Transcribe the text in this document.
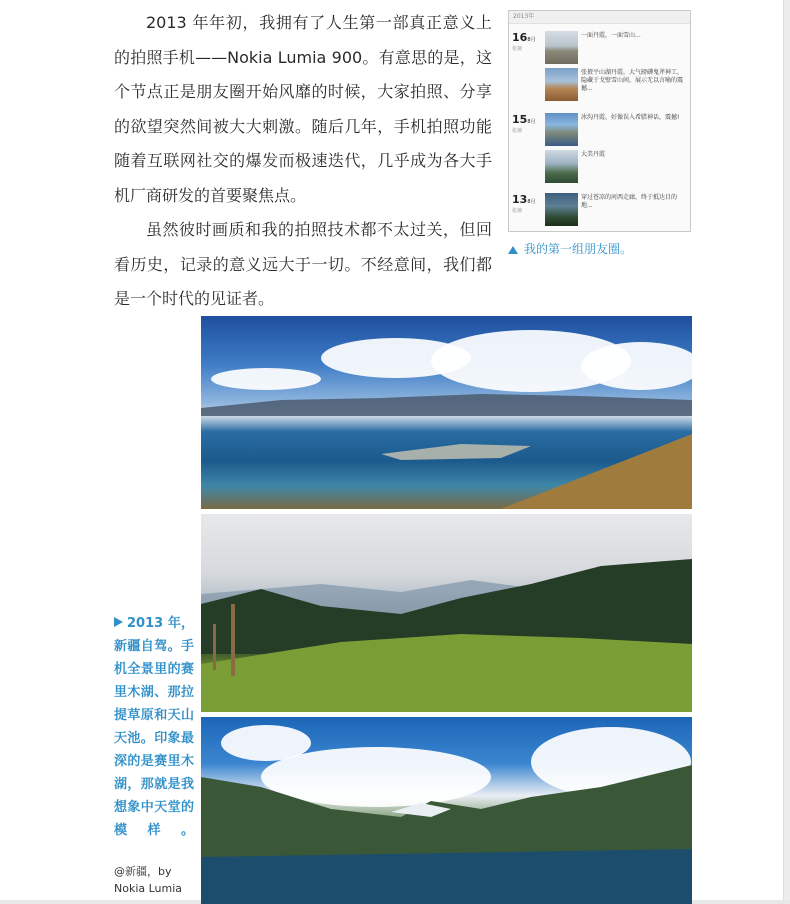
2013 年年初，我拥有了人生第一部真正意义上的拍照手机——Nokia Lumia 900。有意思的是，这个节点正是朋友圈开始风靡的时候，大家拍照、分享的欲望突然间被大大刺激。随后几年，手机拍照功能随着互联网社交的爆发而极速迭代，几乎成为各大手机厂商研发的首要聚焦点。

虽然彼时画质和我的拍照技术都不太过关，但回看历史，记录的意义远大于一切。不经意间，我们都是一个时代的见证者。

2013年
168月
张掖
一面丹霞，一面雪山...
张掖平山湖丹霞，大气磅礴鬼斧神工，隐藏于戈壁雪山间，展示无以言喻的震撼...
158月
张掖
冰沟丹霞，好像误入希腊神话，震撼!
大美丹霞
138月
张掖
穿过苍凉的河西走廊，终于抵达目的地...
我的第一组朋友圈。
2013 年，新疆自驾。手机全景里的赛里木湖、那拉提草原和天山天池。印象最深的是赛里木湖，那就是我想象中天堂的模样。
@新疆，by
Nokia Lumia
